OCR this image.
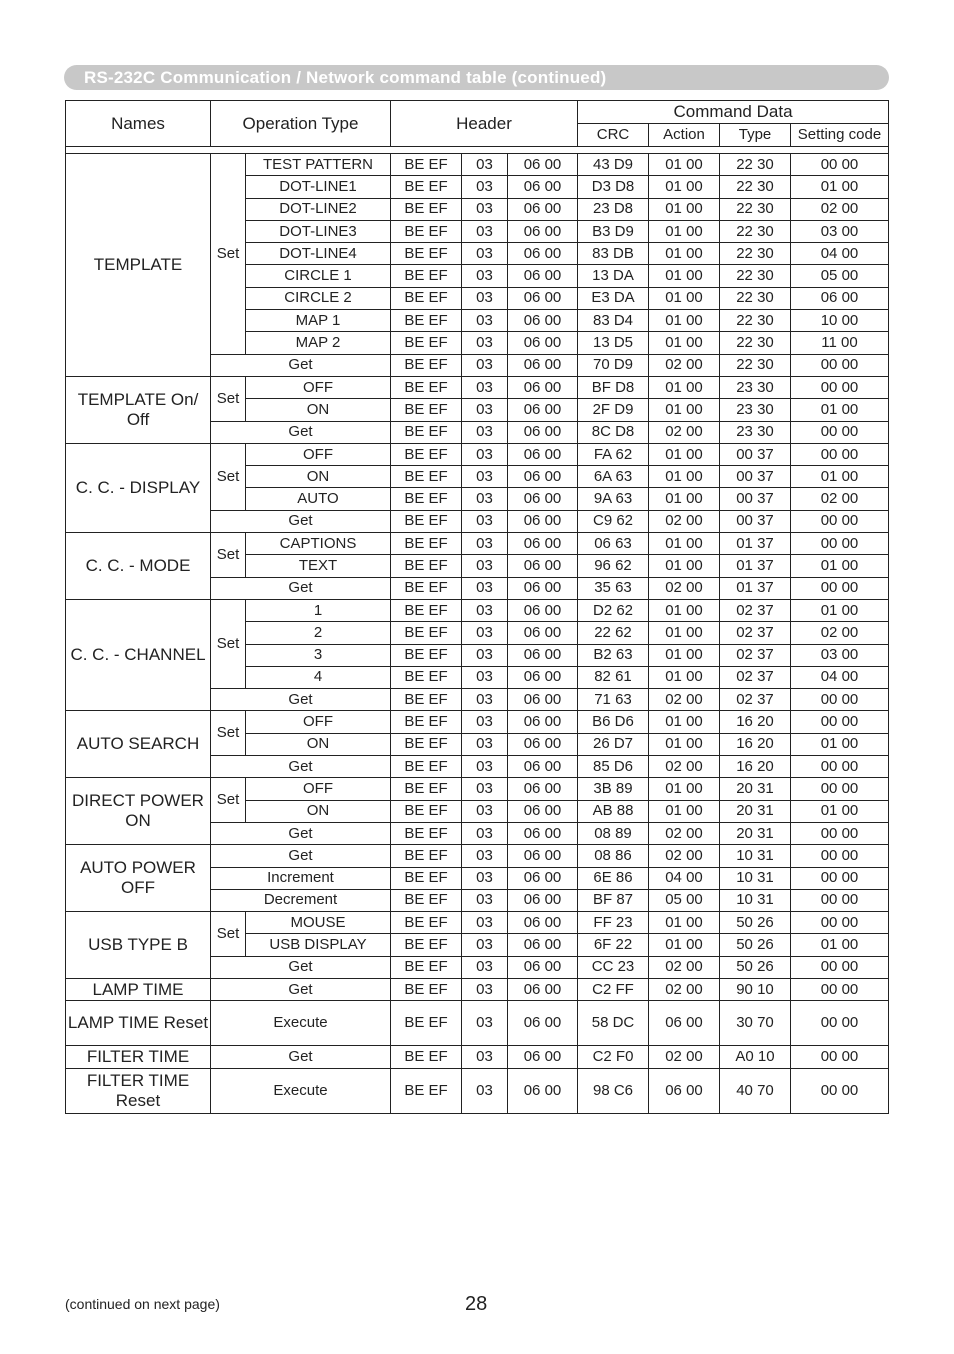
RS-232C Communication / Network command table (continued)
Names	Operation Type		Header			Command Data			
						CRC	Action	Type	Setting code

TEMPLATE	Set	TEST PATTERN	BE EF	03	06 00	43 D9	01 00	22 30	00 00
		DOT-LINE1	BE EF	03	06 00	D3 D8	01 00	22 30	01 00
		DOT-LINE2	BE EF	03	06 00	23 D8	01 00	22 30	02 00
		DOT-LINE3	BE EF	03	06 00	B3 D9	01 00	22 30	03 00
		DOT-LINE4	BE EF	03	06 00	83 DB	01 00	22 30	04 00
		CIRCLE 1	BE EF	03	06 00	13 DA	01 00	22 30	05 00
		CIRCLE 2	BE EF	03	06 00	E3 DA	01 00	22 30	06 00
		MAP 1	BE EF	03	06 00	83 D4	01 00	22 30	10 00
		MAP 2	BE EF	03	06 00	13 D5	01 00	22 30	11 00
	Get		BE EF	03	06 00	70 D9	02 00	22 30	00 00
TEMPLATE On/ Off	Set	OFF	BE EF	03	06 00	BF D8	01 00	23 30	00 00
		ON	BE EF	03	06 00	2F D9	01 00	23 30	01 00
	Get		BE EF	03	06 00	8C D8	02 00	23 30	00 00
C. C. - DISPLAY	Set	OFF	BE EF	03	06 00	FA 62	01 00	00 37	00 00
		ON	BE EF	03	06 00	6A 63	01 00	00 37	01 00
		AUTO	BE EF	03	06 00	9A 63	01 00	00 37	02 00
	Get		BE EF	03	06 00	C9 62	02 00	00 37	00 00
C. C. - MODE	Set	CAPTIONS	BE EF	03	06 00	06 63	01 00	01 37	00 00
		TEXT	BE EF	03	06 00	96 62	01 00	01 37	01 00
	Get		BE EF	03	06 00	35 63	02 00	01 37	00 00
C. C. - CHANNEL	Set	1	BE EF	03	06 00	D2 62	01 00	02 37	01 00
		2	BE EF	03	06 00	22 62	01 00	02 37	02 00
		3	BE EF	03	06 00	B2 63	01 00	02 37	03 00
		4	BE EF	03	06 00	82 61	01 00	02 37	04 00
	Get		BE EF	03	06 00	71 63	02 00	02 37	00 00
AUTO SEARCH	Set	OFF	BE EF	03	06 00	B6 D6	01 00	16 20	00 00
		ON	BE EF	03	06 00	26 D7	01 00	16 20	01 00
	Get		BE EF	03	06 00	85 D6	02 00	16 20	00 00
DIRECT POWER ON	Set	OFF	BE EF	03	06 00	3B 89	01 00	20 31	00 00
		ON	BE EF	03	06 00	AB 88	01 00	20 31	01 00
	Get		BE EF	03	06 00	08 89	02 00	20 31	00 00
AUTO POWER OFF	Get		BE EF	03	06 00	08 86	02 00	10 31	00 00
	Increment		BE EF	03	06 00	6E 86	04 00	10 31	00 00
	Decrement		BE EF	03	06 00	BF 87	05 00	10 31	00 00
USB TYPE B	Set	MOUSE	BE EF	03	06 00	FF 23	01 00	50 26	00 00
		USB DISPLAY	BE EF	03	06 00	6F 22	01 00	50 26	01 00
	Get		BE EF	03	06 00	CC 23	02 00	50 26	00 00
LAMP TIME	Get		BE EF	03	06 00	C2 FF	02 00	90 10	00 00
LAMP TIME Reset	Execute		BE EF	03	06 00	58 DC	06 00	30 70	00 00
FILTER TIME	Get		BE EF	03	06 00	C2 F0	02 00	A0 10	00 00
FILTER TIME Reset	Execute		BE EF	03	06 00	98 C6	06 00	40 70	00 00
(continued on next page)	28
